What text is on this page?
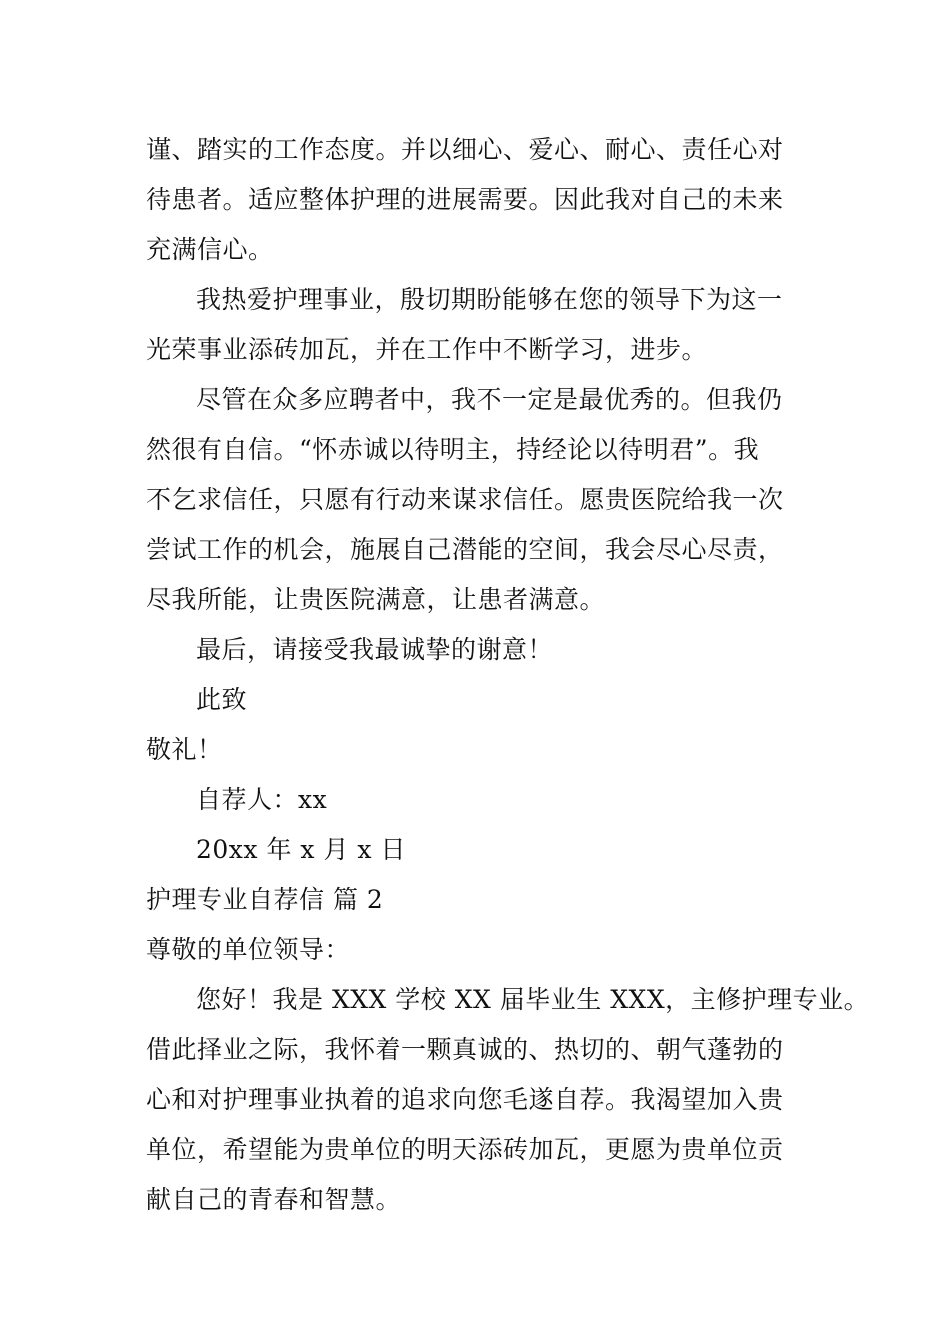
谨、踏实的工作态度。并以细心、爱心、耐心、责任心对
待患者。适应整体护理的进展需要。因此我对自己的未来
充满信心。
我热爱护理事业，殷切期盼能够在您的领导下为这一
光荣事业添砖加瓦，并在工作中不断学习，进步。
尽管在众多应聘者中，我不一定是最优秀的。但我仍
然很有自信。“怀赤诚以待明主，持经论以待明君”。我
不乞求信任，只愿有行动来谋求信任。愿贵医院给我一次
尝试工作的机会，施展自己潜能的空间，我会尽心尽责，
尽我所能，让贵医院满意，让患者满意。
最后，请接受我最诚挚的谢意！
此致
敬礼！
自荐人：xx
20xx 年 x 月 x 日
护理专业自荐信 篇 2
尊敬的单位领导：
您好！我是 XXX 学校 XX 届毕业生 XXX，主修护理专业。
借此择业之际，我怀着一颗真诚的、热切的、朝气蓬勃的
心和对护理事业执着的追求向您毛遂自荐。我渴望加入贵
单位，希望能为贵单位的明天添砖加瓦，更愿为贵单位贡
献自己的青春和智慧。
